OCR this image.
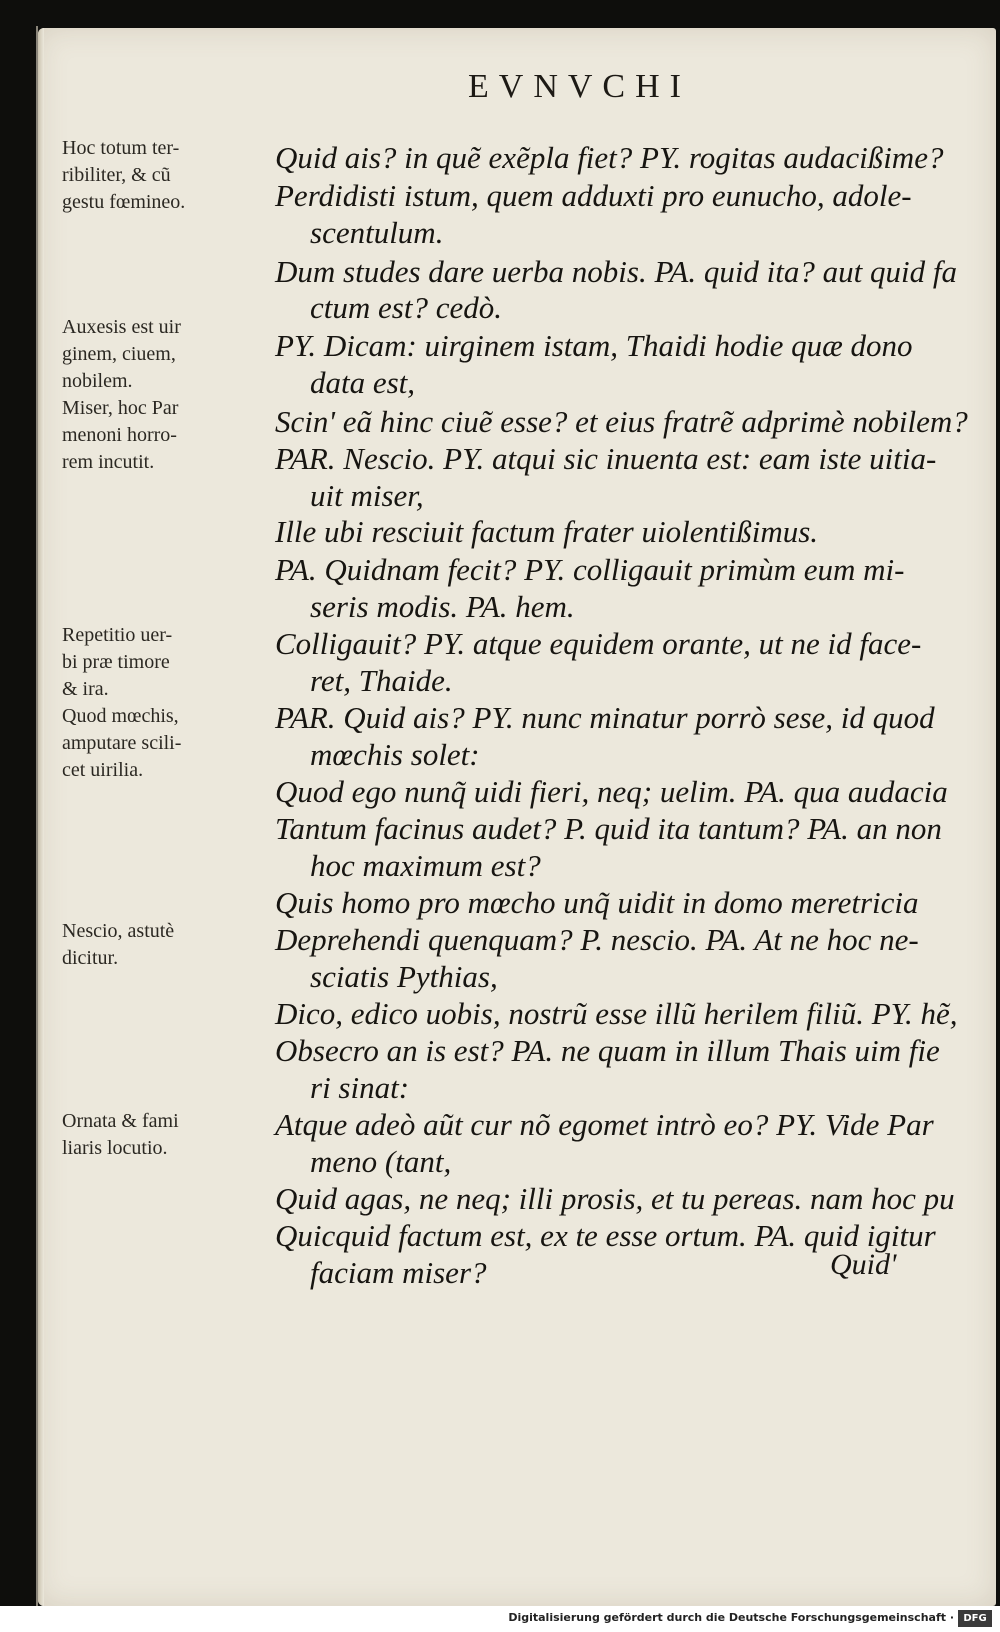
EVNVCHI
Hoc totum ter-
ribiliter, & cũ
gestu fœmineo.
Auxesis est uir
ginem, ciuem,
nobilem.
Miser, hoc Par
menoni horro-
rem incutit.
Repetitio uer-
bi præ timore
& ira.
Quod mœchis,
amputare scili-
cet uirilia.
Nescio, astutè
dicitur.
Ornata & fami
liaris locutio.
Quid ais? in quẽ exẽpla fiet? PY. rogitas audacißime?
Perdidisti istum, quem adduxti pro eunucho, adole-
scentulum.
Dum studes dare uerba nobis. PA. quid ita? aut quid fa
ctum est? cedò.
PY. Dicam: uirginem istam, Thaidi hodie quæ dono
data est,
Scin' eã hinc ciuẽ esse? et eius fratrẽ adprimè nobilem?
PAR. Nescio. PY. atqui sic inuenta est: eam iste uitia-
uit miser,
Ille ubi resciuit factum frater uiolentißimus.
PA. Quidnam fecit? PY. colligauit primùm eum mi-
seris modis. PA. hem.
Colligauit? PY. atque equidem orante, ut ne id face-
ret, Thaide.
PAR. Quid ais? PY. nunc minatur porrò sese, id quod
mœchis solet:
Quod ego nunq̃ uidi fieri, neq; uelim. PA. qua audacia
Tantum facinus audet? P. quid ita tantum? PA. an non
hoc maximum est?
Quis homo pro mœcho unq̃ uidit in domo meretricia
Deprehendi quenquam? P. nescio. PA. At ne hoc ne-
sciatis Pythias,
Dico, edico uobis, nostrũ esse illũ herilem filiũ. PY. hẽ,
Obsecro an is est? PA. ne quam in illum Thais uim fie
ri sinat:
Atque adeò aũt cur nõ egomet intrò eo? PY. Vide Par
meno (tant,
Quid agas, ne neq; illi prosis, et tu pereas. nam hoc pu
Quicquid factum est, ex te esse ortum. PA. quid igitur
faciam miser?	Quid'
Digitalisierung gefördert durch die Deutsche Forschungsgemeinschaft · DFG
